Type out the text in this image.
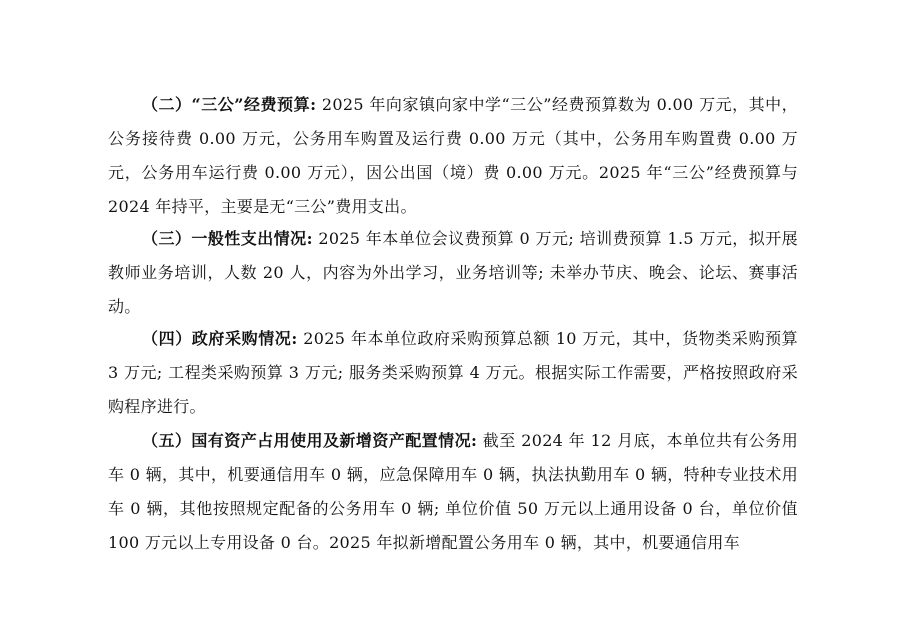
（二）“三公”经费预算: 2025 年向家镇向家中学“三公”经费预算数为 0.00 万元，其中，公务接待费 0.00 万元，公务用车购置及运行费 0.00 万元（其中，公务用车购置费 0.00 万元，公务用车运行费 0.00 万元），因公出国（境）费 0.00 万元。2025 年“三公”经费预算与 2024 年持平，主要是无“三公”费用支出。

（三）一般性支出情况: 2025 年本单位会议费预算 0 万元; 培训费预算 1.5 万元，拟开展教师业务培训，人数 20 人，内容为外出学习，业务培训等; 未举办节庆、晚会、论坛、赛事活动。

（四）政府采购情况: 2025 年本单位政府采购预算总额 10 万元，其中，货物类采购预算 3 万元; 工程类采购预算 3 万元; 服务类采购预算 4 万元。根据实际工作需要，严格按照政府采购程序进行。

（五）国有资产占用使用及新增资产配置情况: 截至 2024 年 12 月底，本单位共有公务用车 0 辆，其中，机要通信用车 0 辆，应急保障用车 0 辆，执法执勤用车 0 辆，特种专业技术用车 0 辆，其他按照规定配备的公务用车 0 辆; 单位价值 50 万元以上通用设备 0 台，单位价值 100 万元以上专用设备 0 台。2025 年拟新增配置公务用车 0 辆，其中，机要通信用车
